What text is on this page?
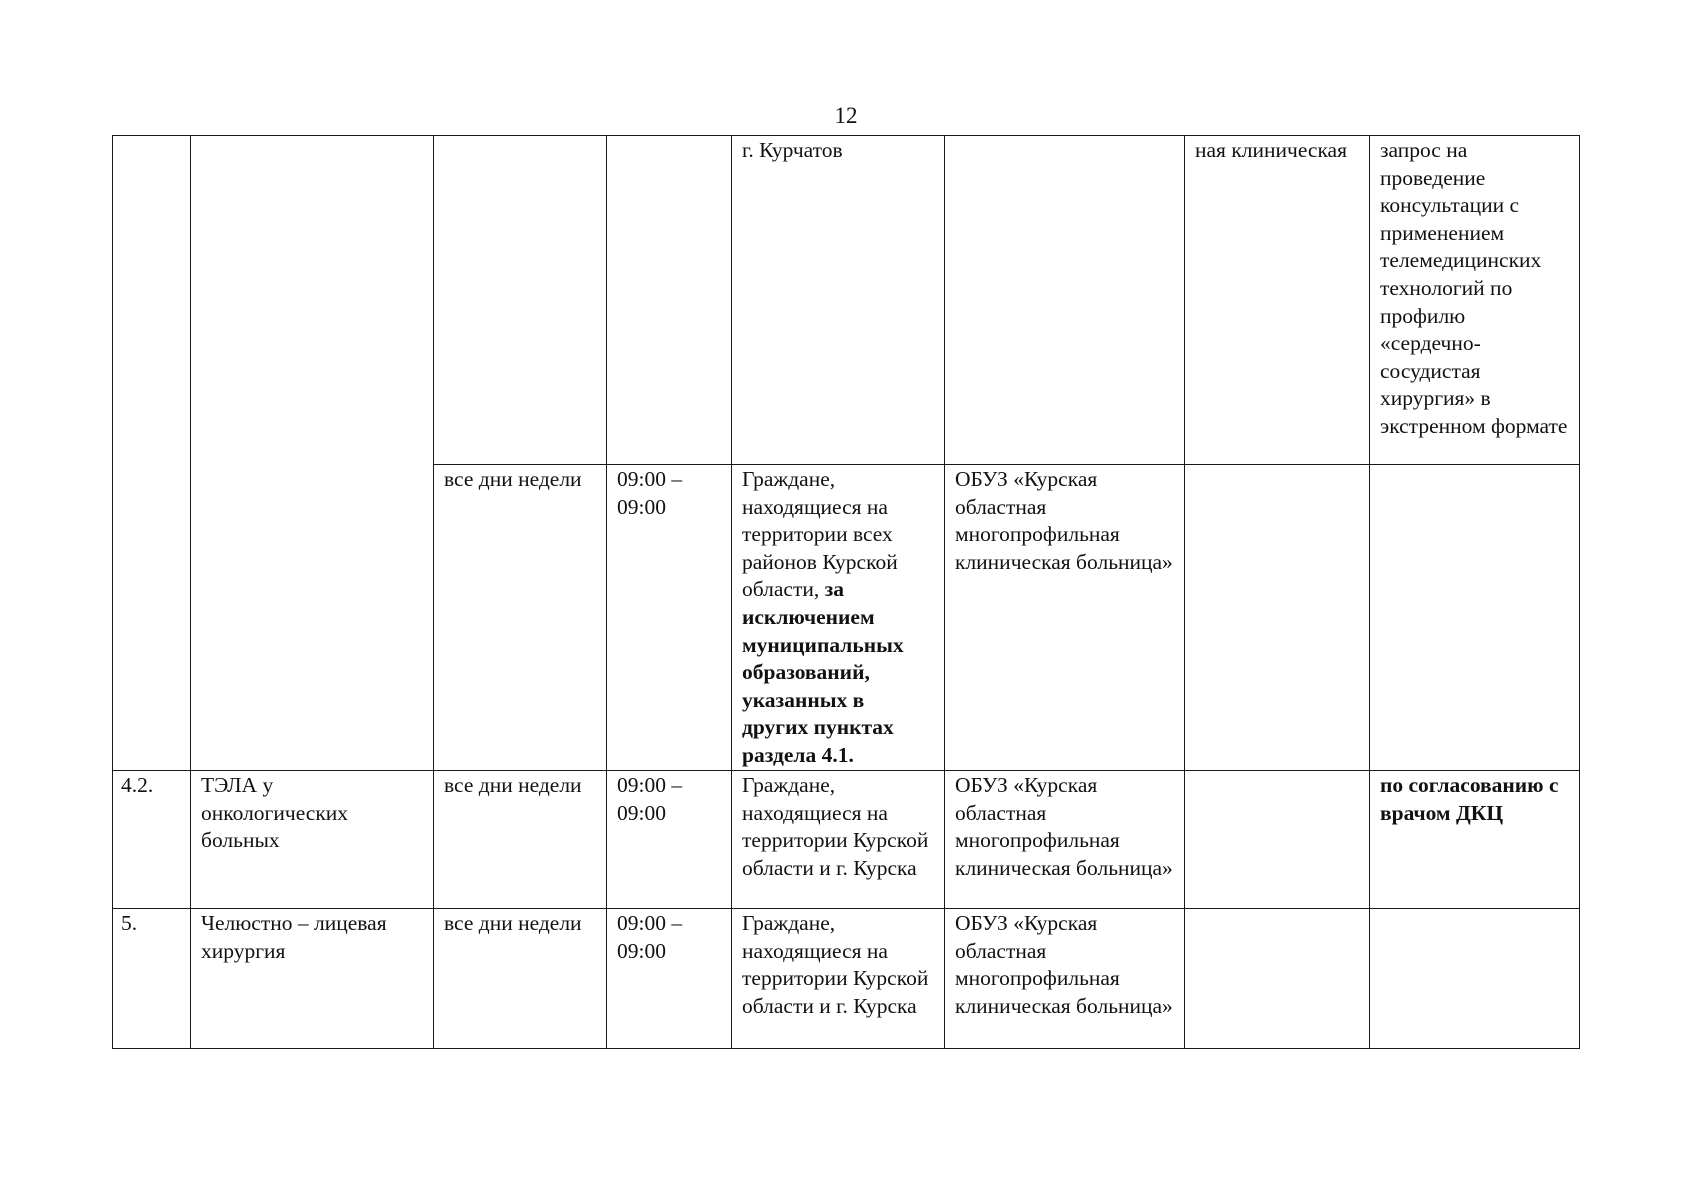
12

				г. Курчатов		ная клиническая	запрос на проведение консультации с применением телемедицинских технологий по профилю «сердечно-сосудистая хирургия» в экстренном формате

		все дни недели	09:00 – 09:00	Граждане, находящиеся на территории всех районов Курской области, за исключением муниципальных образований, указанных в других пунктах раздела 4.1.	ОБУЗ «Курская областная многопрофильная клиническая больница»		

4.2.	ТЭЛА у онкологических больных	все дни недели	09:00 – 09:00	Граждане, находящиеся на территории Курской области и г. Курска	ОБУЗ «Курская областная многопрофильная клиническая больница»		по согласованию с врачом ДКЦ

5.	Челюстно – лицевая хирургия	все дни недели	09:00 – 09:00	Граждане, находящиеся на территории Курской области и г. Курска	ОБУЗ «Курская областная многопрофильная клиническая больница»		
